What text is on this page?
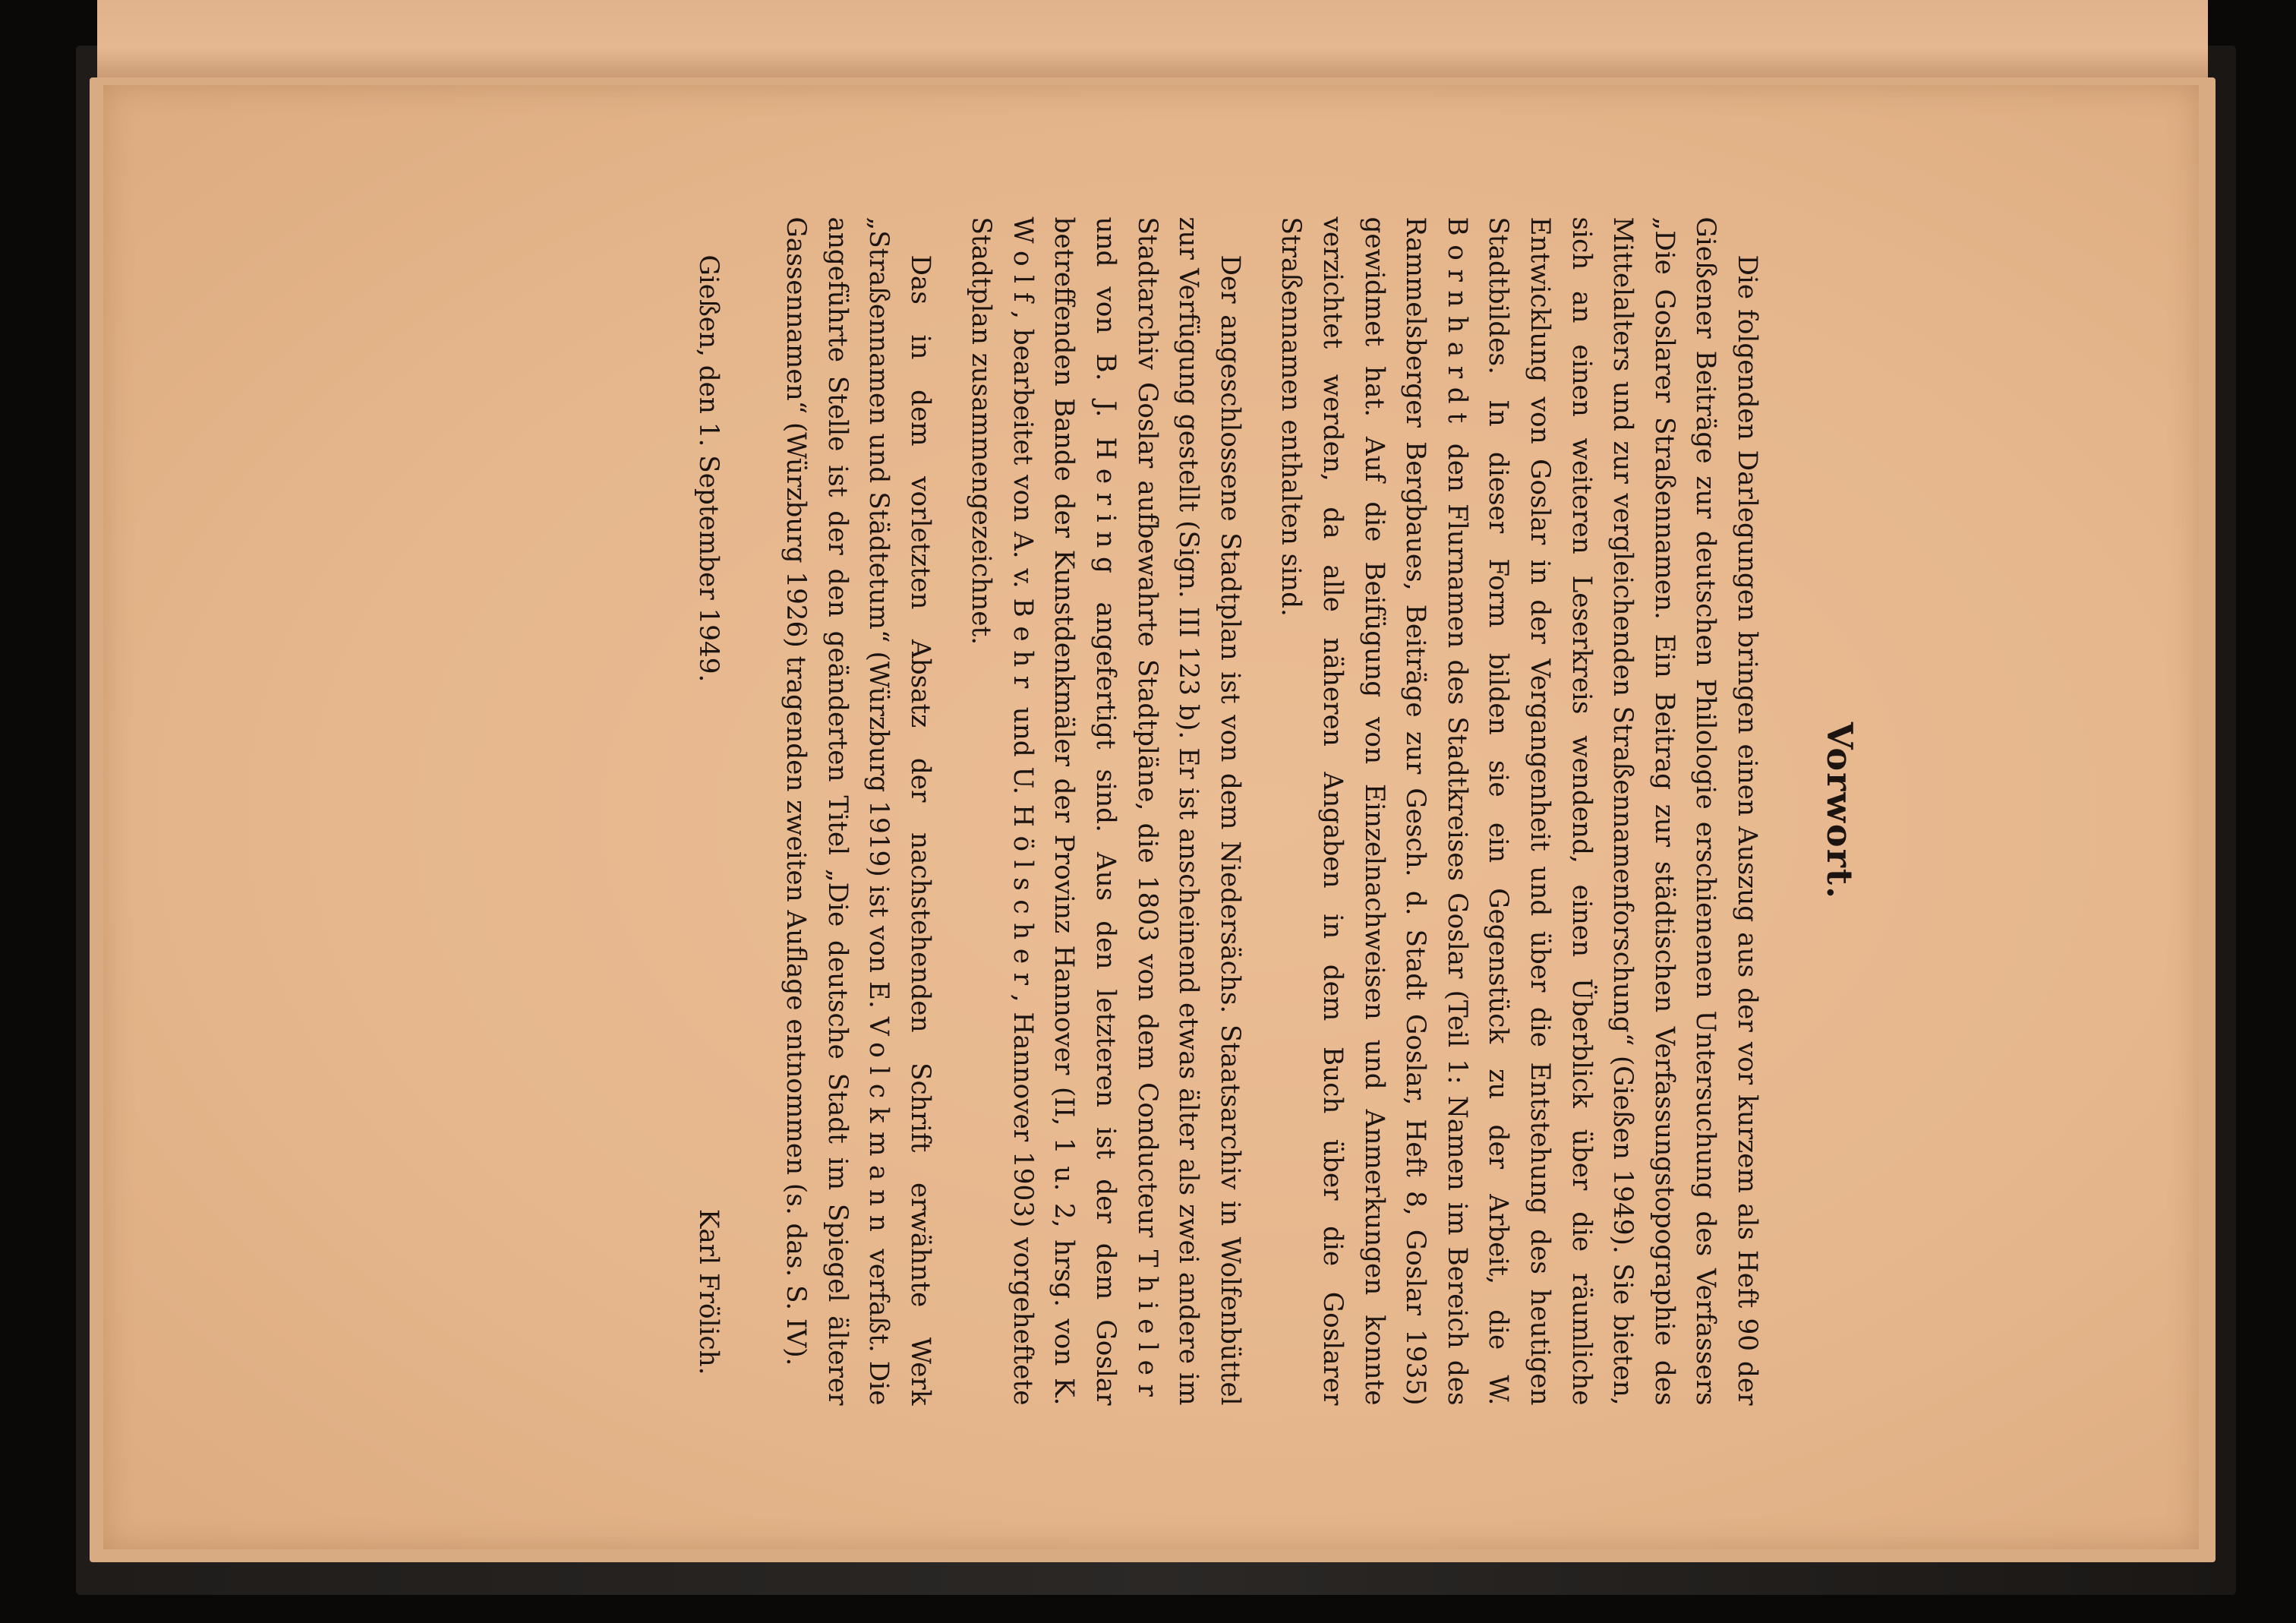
Vorwort.

Die folgenden Darlegungen bringen einen Auszug aus der vor kurzem als Heft 90 der Gießener Beiträge zur deutschen Philologie erschienenen Untersuchung des Verfassers „Die Goslarer Straßennamen. Ein Beitrag zur städtischen Verfassungstopographie des Mittelalters und zur vergleichenden Straßennamenforschung“ (Gießen 1949). Sie bieten, sich an einen weiteren Leserkreis wendend, einen Überblick über die räumliche Entwicklung von Goslar in der Vergangenheit und über die Entstehung des heutigen Stadtbildes. In dieser Form bilden sie ein Gegenstück zu der Arbeit, die W. Bornhardt den Flurnamen des Stadtkreises Goslar (Teil 1: Namen im Bereich des Rammelsberger Bergbaues, Beiträge zur Gesch. d. Stadt Goslar, Heft 8, Goslar 1935) gewidmet hat. Auf die Beifügung von Einzelnachweisen und Anmerkungen konnte verzichtet werden, da alle näheren Angaben in dem Buch über die Goslarer Straßennamen enthalten sind.

Der angeschlossene Stadtplan ist von dem Niedersächs. Staatsarchiv in Wolfenbüttel zur Verfügung gestellt (Sign. III 123 b). Er ist anscheinend etwas älter als zwei andere im Stadtarchiv Goslar aufbewahrte Stadtpläne, die 1803 von dem Conducteur Thieler und von B. J. Hering angefertigt sind. Aus den letzteren ist der dem Goslar betreffenden Bande der Kunstdenkmäler der Provinz Hannover (II, 1 u. 2, hrsg. von K. Wolf, bearbeitet von A. v. Behr und U. Hölscher, Hannover 1903) vorgeheftete Stadtplan zusammengezeichnet.

Das in dem vorletzten Absatz der nachstehenden Schrift erwähnte Werk „Straßennamen und Städtetum“ (Würzburg 1919) ist von E. Volckmann verfaßt. Die angeführte Stelle ist der den geänderten Titel „Die deutsche Stadt im Spiegel älterer Gassennamen“ (Würzburg 1926) tragenden zweiten Auflage entnommen (s. das. S. IV).

Gießen, den 1. September 1949.
Karl Frölich.
